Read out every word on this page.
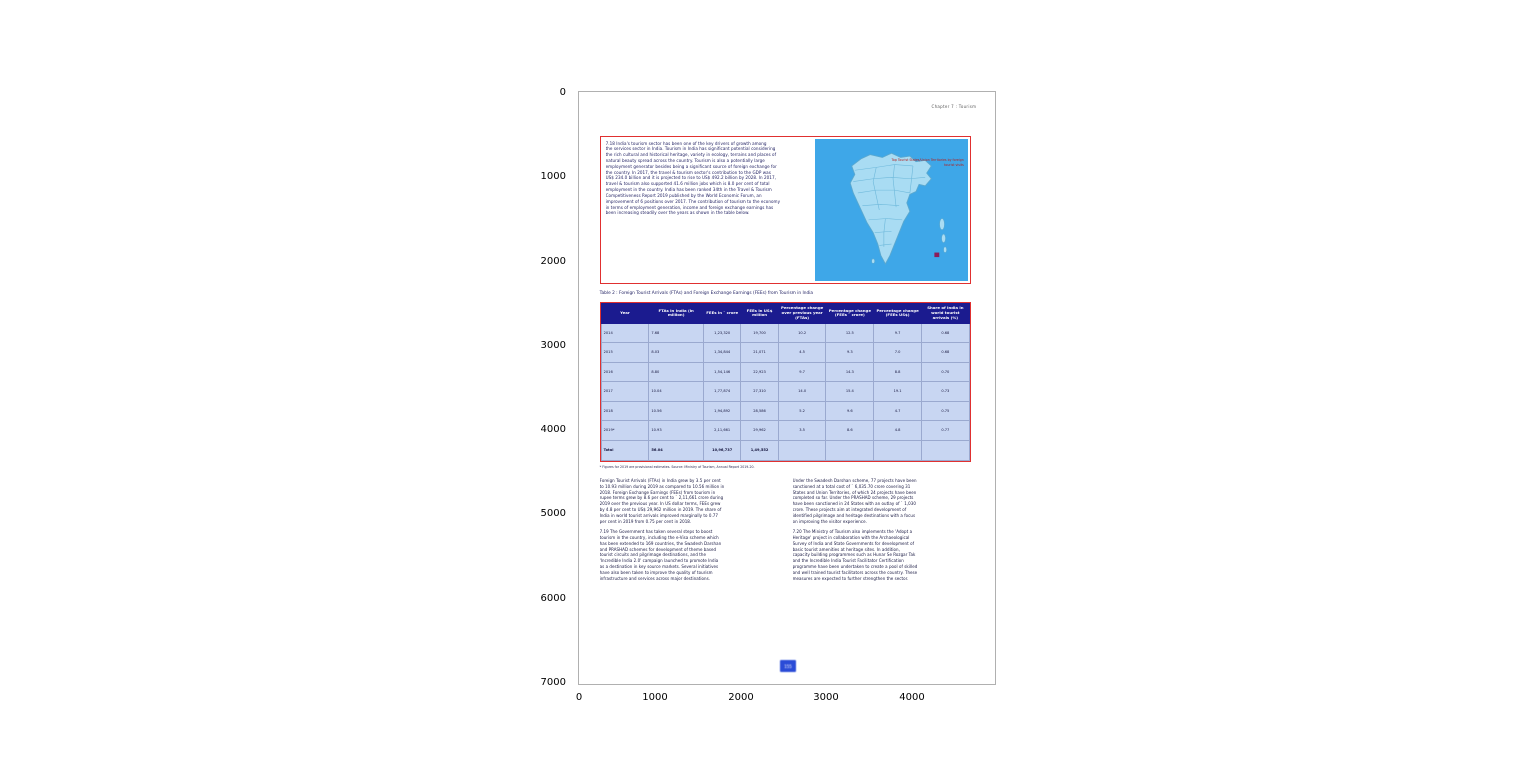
0
1000
2000
3000
4000
5000
6000
7000
0	1000	2000	3000	4000
Chapter 7 : Tourism
7.18 India's tourism sector has been one of the key drivers of growth among
the services sector in India. Tourism in India has significant potential considering
the rich cultural and historical heritage, variety in ecology, terrains and places of
natural beauty spread across the country. Tourism is also a potentially large
employment generator besides being a significant source of foreign exchange for
the country. In 2017, the travel & tourism sector's contribution to the GDP was
US$ 234.0 billion and it is projected to rise to US$ 492.2 billion by 2028. In 2017,
travel & tourism also supported 41.6 million jobs which is 8.0 per cent of total
employment in the country. India has been ranked 34th in the Travel & Tourism
Competitiveness Report 2019 published by the World Economic Forum, an
improvement of 6 positions over 2017. The contribution of tourism to the economy
in terms of employment generation, income and foreign exchange earnings has
been increasing steadily over the years as shown in the table below.
Top Tourist States/Union Territories by foreign tourist visits
Table 2 : Foreign Tourist Arrivals (FTAs) and Foreign Exchange Earnings (FEEs) from Tourism in India
Year	FTAs in India (in million)	FEEs in ` crore	FEEs in US$ million	Percentage change over previous year (FTAs)	Percentage change (FEEs ` crore)	Percentage change (FEEs US$)	Share of India in world tourist arrivals (%)
2014	7.68	1,23,320	19,700	10.2	12.5	9.7	0.68
2015	8.03	1,34,844	21,071	4.5	9.3	7.0	0.68
2016	8.80	1,54,146	22,923	9.7	14.3	8.8	0.70
2017	10.04	1,77,874	27,310	14.0	15.4	19.1	0.73
2018	10.56	1,94,892	28,586	5.2	9.6	4.7	0.75
2019*	10.93	2,11,661	29,962	3.5	8.6	4.8	0.77
Total	56.04	10,96,737	1,49,552				
* Figures for 2019 are provisional estimates. Source: Ministry of Tourism, Annual Report 2019-20.
Foreign Tourist Arrivals (FTAs) in India grew by 3.5 per cent
to 10.93 million during 2019 as compared to 10.56 million in
2018. Foreign Exchange Earnings (FEEs) from tourism in
rupee terms grew by 8.6 per cent to ` 2,11,661 crore during
2019 over the previous year. In US dollar terms, FEEs grew
by 4.8 per cent to US$ 29,962 million in 2019. The share of
India in world tourist arrivals improved marginally to 0.77
per cent in 2019 from 0.75 per cent in 2018.
7.19 The Government has taken several steps to boost
tourism in the country, including the e-Visa scheme which
has been extended to 169 countries, the Swadesh Darshan
and PRASHAD schemes for development of theme based
tourist circuits and pilgrimage destinations, and the
'Incredible India 2.0' campaign launched to promote India
as a destination in key source markets. Several initiatives
have also been taken to improve the quality of tourism
infrastructure and services across major destinations.
Under the Swadesh Darshan scheme, 77 projects have been
sanctioned at a total cost of ` 6,035.70 crore covering 31
States and Union Territories, of which 24 projects have been
completed so far. Under the PRASHAD scheme, 29 projects
have been sanctioned in 24 States with an outlay of ` 1,030
crore. These projects aim at integrated development of
identified pilgrimage and heritage destinations with a focus
on improving the visitor experience.
7.20 The Ministry of Tourism also implements the 'Adopt a
Heritage' project in collaboration with the Archaeological
Survey of India and State Governments for development of
basic tourist amenities at heritage sites. In addition,
capacity building programmes such as Hunar Se Rozgar Tak
and the Incredible India Tourist Facilitator Certification
programme have been undertaken to create a pool of skilled
and well trained tourist facilitators across the country. These
measures are expected to further strengthen the sector.
155
